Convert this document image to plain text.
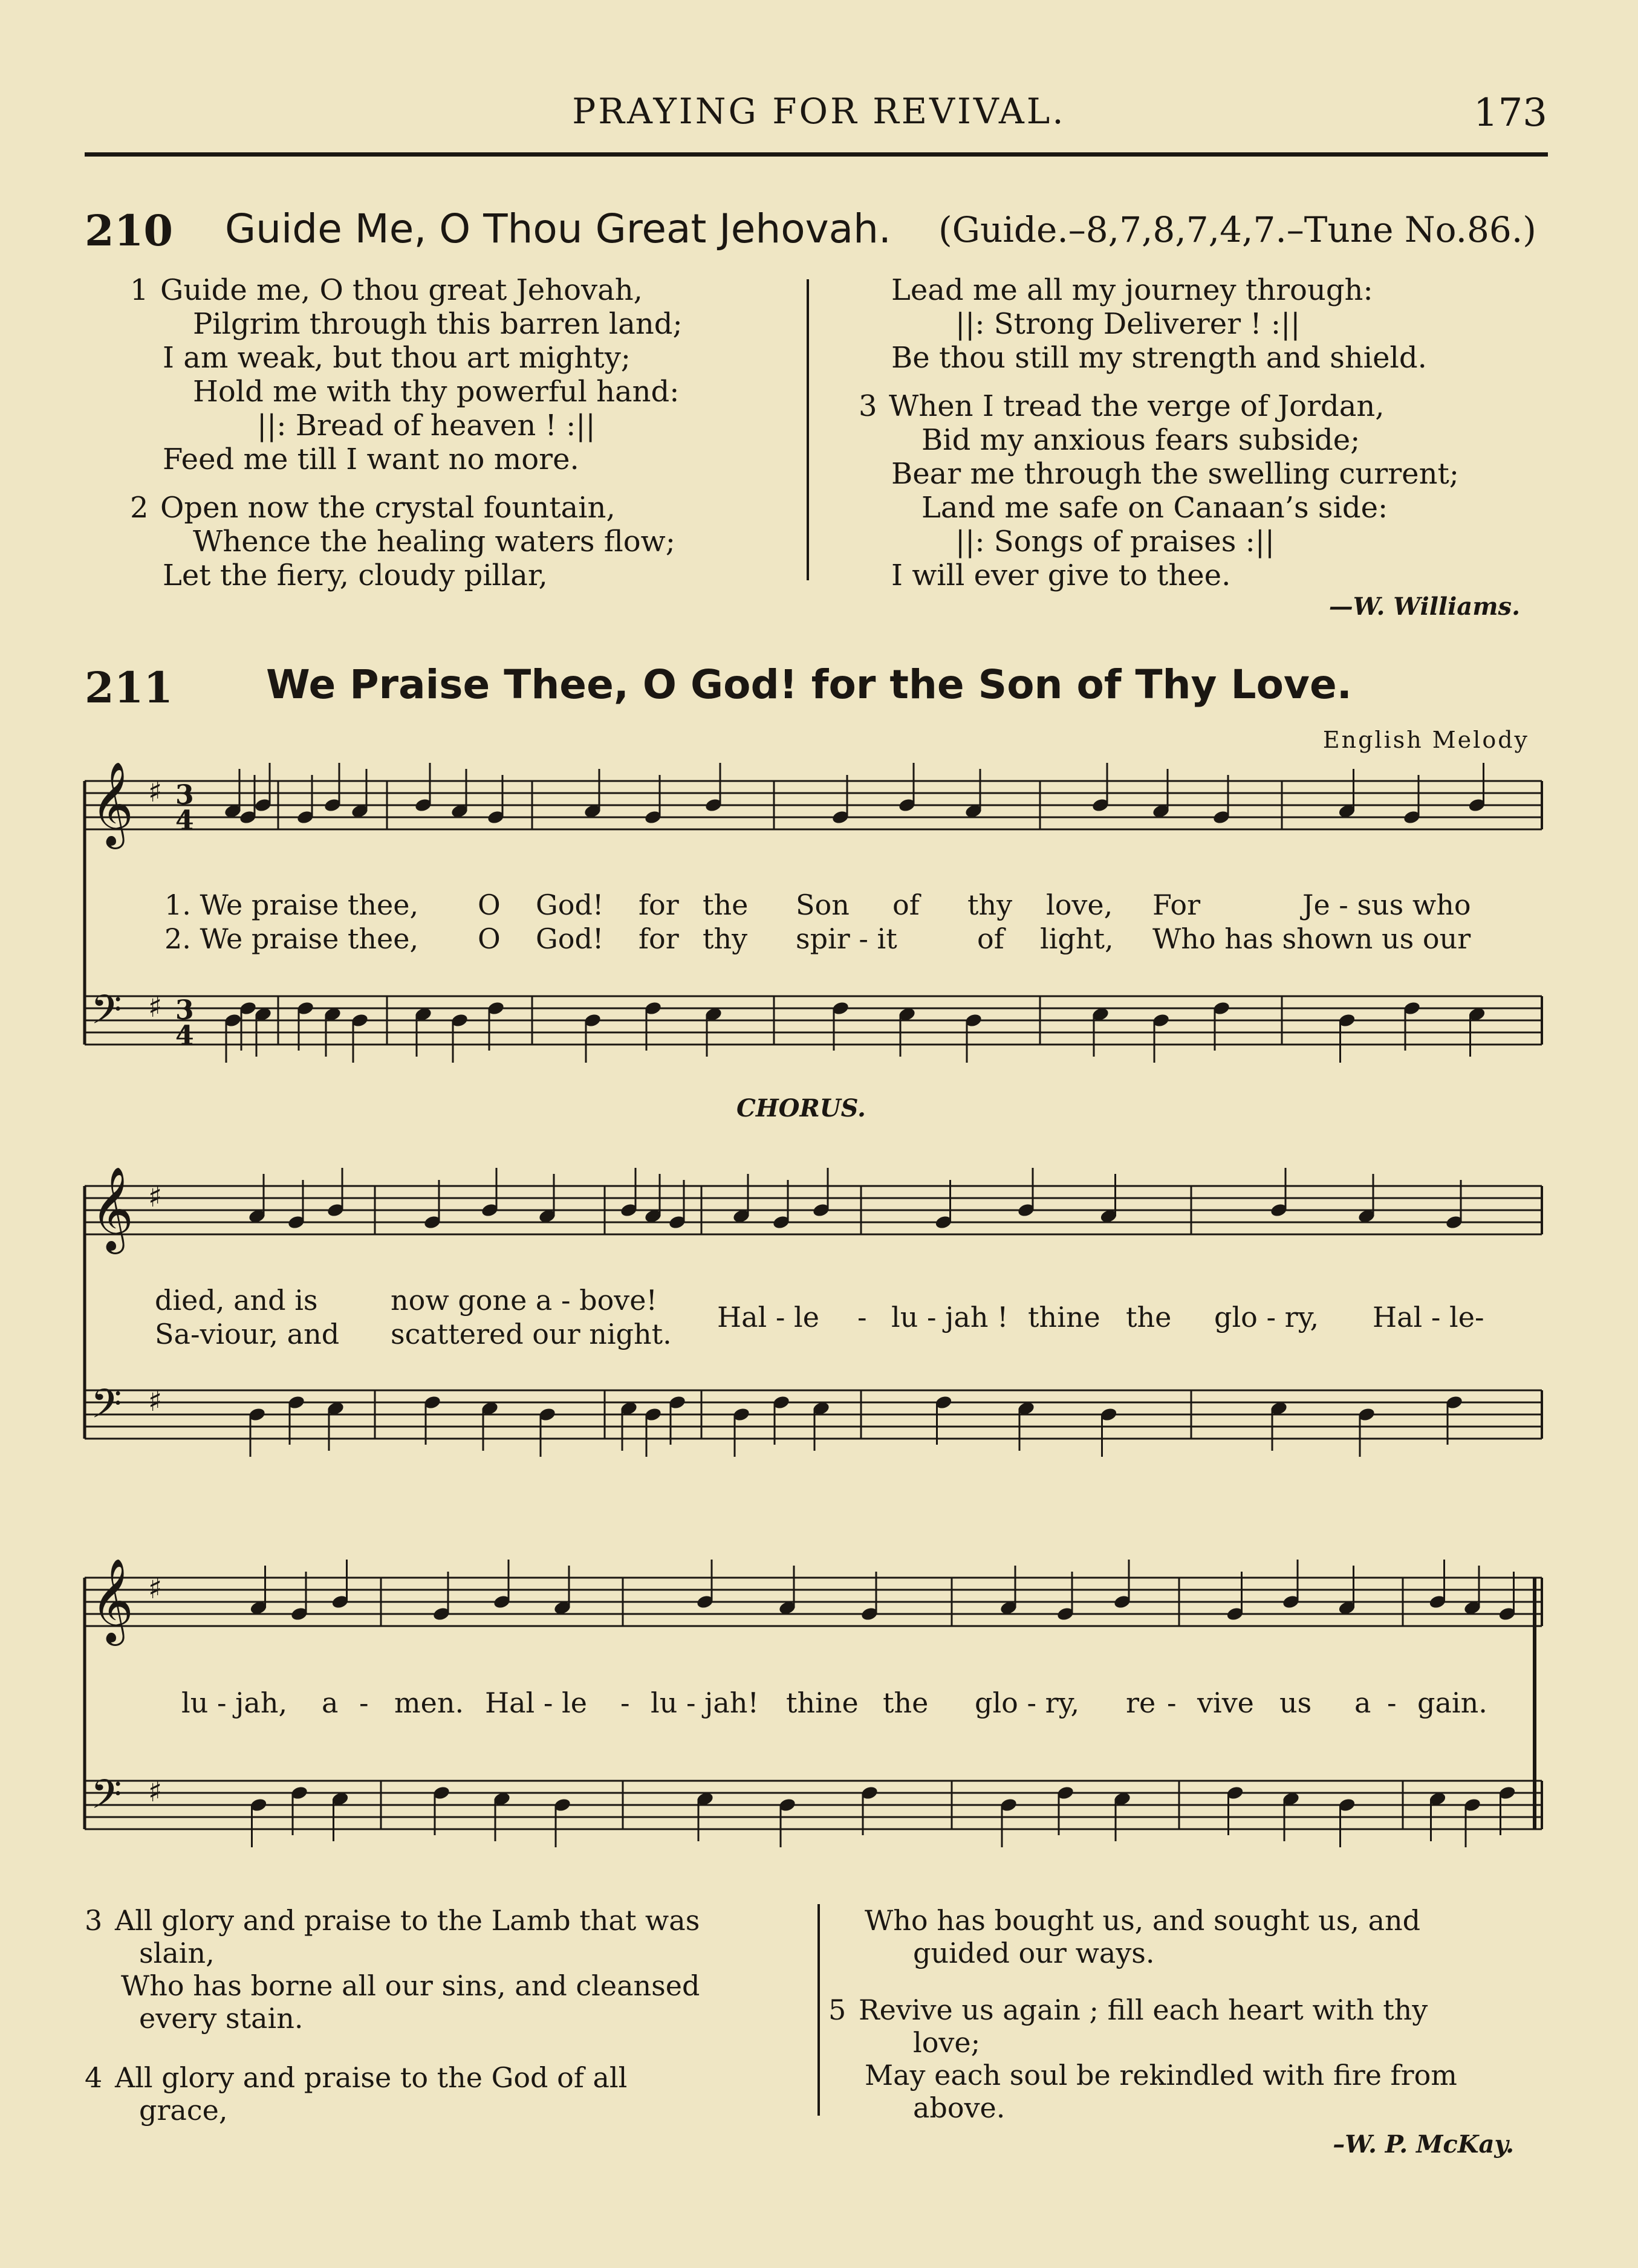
PRAYING FOR REVIVAL.	173
210 Guide Me, O Thou Great Jehovah. (Guide.–8,7,8,7,4,7.–Tune No.86.)
1 Guide me, O thou great Jehovah,
Pilgrim through this barren land;
I am weak, but thou art mighty;
Hold me with thy powerful hand:
||: Bread of heaven ! :||
Feed me till I want no more.
2 Open now the crystal fountain,
Whence the healing waters flow;
Let the fiery, cloudy pillar,
Lead me all my journey through:
||: Strong Deliverer ! :||
Be thou still my strength and shield.
3 When I tread the verge of Jordan,
Bid my anxious fears subside;
Bear me through the swelling current;
Land me safe on Canaan’s side:
||: Songs of praises :||
I will ever give to thee.
—W. Williams.
211 We Praise Thee, O God! for the Son of Thy Love.
English Melody
𝄞 ♯ 3
4
𝄢 ♯ 3
4
𝄞 ♯
𝄢 ♯
𝄞 ♯
𝄢 ♯
1. We praise thee, O God! for the Son of thy love, For	Je - sus who
2. We praise thee, O God! for thy spir - it	of light, Who has shown us our
CHORUS.
died, and is	now gone a - bove!
Sa-viour, and scattered our night.
Hal - le - lu - jah ! thine the glo - ry, Hal - le-
lu - jah, a - men. Hal - le - lu - jah! thine the glo - ry, re - vive us a - gain.
3 All glory and praise to the Lamb that was
slain,
Who has borne all our sins, and cleansed
every stain.
4 All glory and praise to the God of all
grace,
Who has bought us, and sought us, and
guided our ways.
5 Revive us again ; fill each heart with thy
love;
May each soul be rekindled with fire from
above.
–W. P. McKay.
